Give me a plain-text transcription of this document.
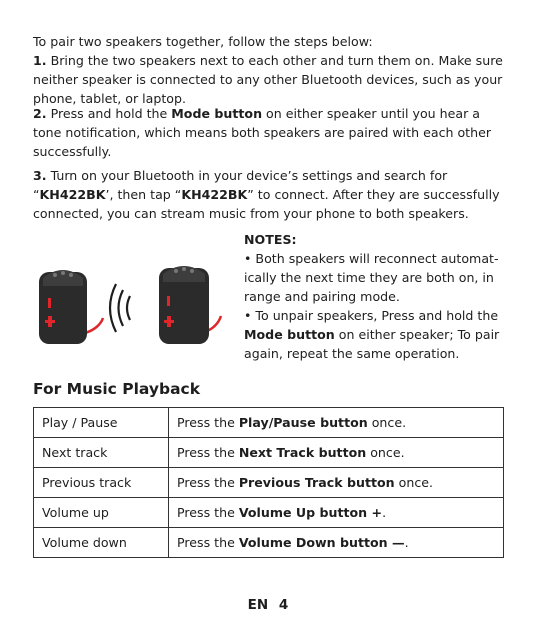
To pair two speakers together, follow the steps below:
1. Bring the two speakers next to each other and turn them on. Make sure neither speaker is connected to any other Bluetooth devices, such as your phone, tablet, or laptop.
2. Press and hold the Mode button on either speaker until you hear a tone notification, which means both speakers are paired with each other successfully.
3. Turn on your Bluetooth in your device’s settings and search for “KH422BK’, then tap “KH422BK” to connect. After they are successfully connected, you can stream music from your phone to both speakers.
NOTES:
• Both speakers will reconnect automat-ically the next time they are both on, in range and pairing mode.
• To unpair speakers, Press and hold the Mode button on either speaker; To pair again, repeat the same operation.
For Music Playback
Play / Pause	Press the Play/Pause button once.
Next track	Press the Next Track button once.
Previous track	Press the Previous Track button once.
Volume up	Press the Volume Up button +.
Volume down	Press the Volume Down button —.
EN 4
